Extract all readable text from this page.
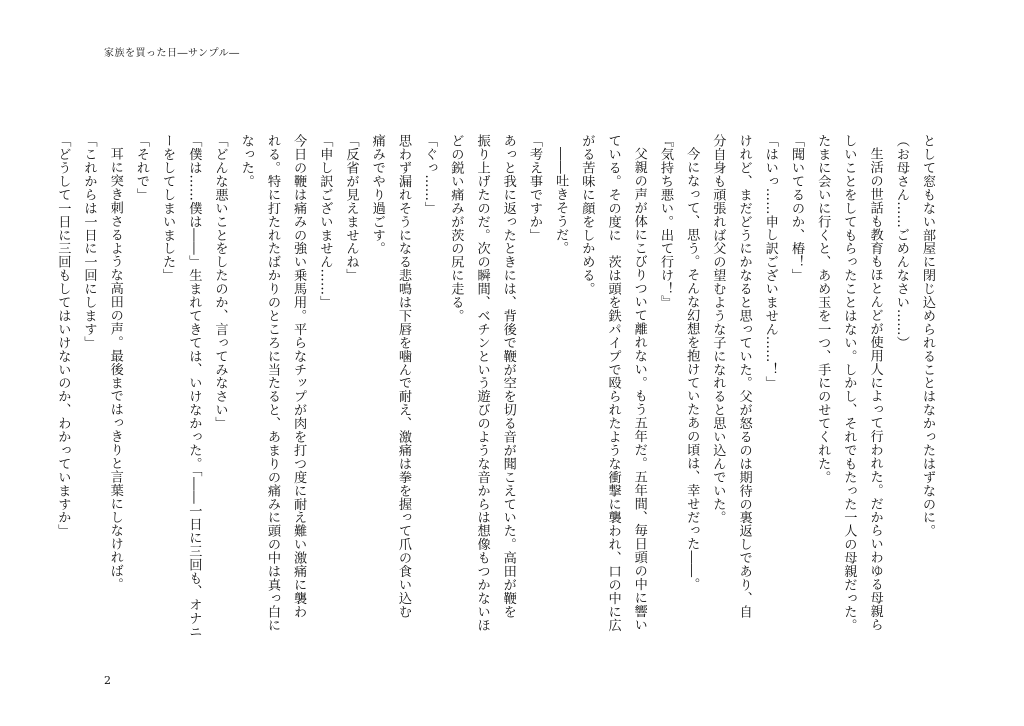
家族を買った日―サンプル―

として窓もない部屋に閉じ込められることはなかったはずなのに。

（お母さん……ごめんなさい……）

生活の世話も教育もほとんどが使用人によって行われた。だからいわゆる母親ら

しいことをしてもらったことはない。しかし、それでもたった一人の母親だった。

たまに会いに行くと、あめ玉を一つ、手にのせてくれた。

「聞いてるのか、椿！」

「はいっ……申し訳ございません……！」

けれど、まだどうにかなると思っていた。父が怒るのは期待の裏返しであり、自

分自身も頑張れば父の望むような子になれると思い込んでいた。

今になって、思う。そんな幻想を抱けていたあの頃は、幸せだった――。

『気持ち悪い。出て行け！』

父親の声が体にこびりついて離れない。もう五年だ。五年間、毎日頭の中に響い

ている。その度に　茨は頭を鉄パイプで殴られたような衝撃に襲われ、口の中に広

がる苦味に顔をしかめる。

――吐きそうだ。

「考え事ですか」

あっと我に返ったときには、背後で鞭が空を切る音が聞こえていた。高田が鞭を

振り上げたのだ。次の瞬間、ベチンという遊びのような音からは想像もつかないほ

どの鋭い痛みが茨の尻に走る。

「ぐっ……」

思わず漏れそうになる悲鳴は下唇を噛んで耐え、激痛は拳を握って爪の食い込む

痛みでやり過ごす。

「反省が見えませんね」

「申し訳ございません……」

今日の鞭は痛みの強い乗馬用。平らなチップが肉を打つ度に耐え難い激痛に襲わ

れる。特に打たれたばかりのところに当たると、あまりの痛みに頭の中は真っ白に

なった。

「どんな悪いことをしたのか、言ってみなさい」

「僕は……僕は――」生まれてきては、いけなかった。「――一日に三回も、オナニ

ーをしてしまいました」

「それで」

耳に突き刺さるような高田の声。最後まではっきりと言葉にしなければ。

「これからは一日に一回にします」

「どうして一日に三回もしてはいけないのか、わかっていますか」

2
